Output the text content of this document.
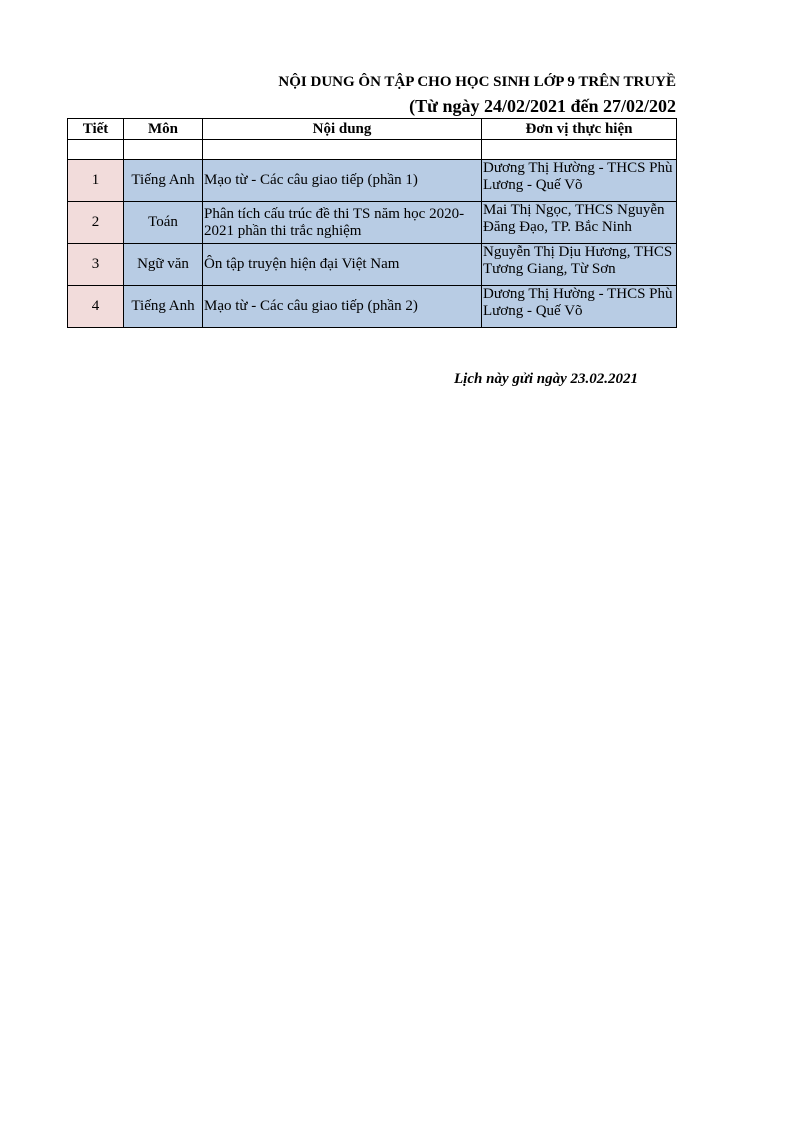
NỘI DUNG ÔN TẬP CHO HỌC SINH LỚP 9 TRÊN TRUYỀ
(Từ ngày 24/02/2021 đến 27/02/202
Tiết	Môn	Nội dung	Đơn vị thực hiện

1	Tiếng Anh	Mạo từ - Các câu giao tiếp (phần 1)	Dương Thị Hường - THCS Phù Lương - Quế Võ

2	Toán	Phân tích cấu trúc đề thi TS năm học 2020-2021 phần thi trắc nghiệm	Mai Thị Ngọc, THCS Nguyễn Đăng Đạo, TP. Bắc Ninh

3	Ngữ văn	Ôn tập truyện hiện đại Việt Nam	Nguyễn Thị Dịu Hương, THCS Tương Giang, Từ Sơn

4	Tiếng Anh	Mạo từ - Các câu giao tiếp (phần 2)	Dương Thị Hường - THCS Phù Lương - Quế Võ
Lịch này gửi ngày 23.02.2021
